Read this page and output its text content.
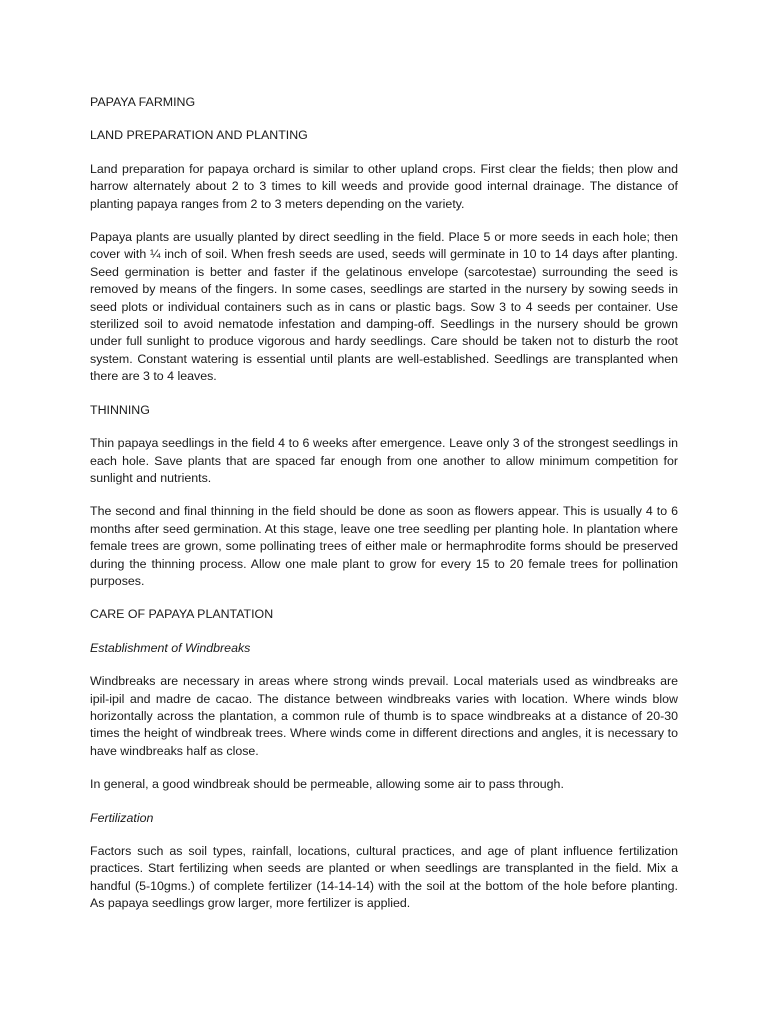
PAPAYA FARMING
LAND PREPARATION AND PLANTING

Land preparation for papaya orchard is similar to other upland crops. First clear the fields; then plow and harrow alternately about 2 to 3 times to kill weeds and provide good internal drainage. The distance of planting papaya ranges from 2 to 3 meters depending on the variety.

Papaya plants are usually planted by direct seedling in the field. Place 5 or more seeds in each hole; then cover with ¼ inch of soil. When fresh seeds are used, seeds will germinate in 10 to 14 days after planting. Seed germination is better and faster if the gelatinous envelope (sarcotestae) surrounding the seed is removed by means of the fingers. In some cases, seedlings are started in the nursery by sowing seeds in seed plots or individual containers such as in cans or plastic bags. Sow 3 to 4 seeds per container. Use sterilized soil to avoid nematode infestation and damping-off. Seedlings in the nursery should be grown under full sunlight to produce vigorous and hardy seedlings. Care should be taken not to disturb the root system. Constant watering is essential until plants are well-established. Seedlings are transplanted when there are 3 to 4 leaves.

THINNING

Thin papaya seedlings in the field 4 to 6 weeks after emergence. Leave only 3 of the strongest seedlings in each hole. Save plants that are spaced far enough from one another to allow minimum competition for sunlight and nutrients.

The second and final thinning in the field should be done as soon as flowers appear. This is usually 4 to 6 months after seed germination. At this stage, leave one tree seedling per planting hole. In plantation where female trees are grown, some pollinating trees of either male or hermaphrodite forms should be preserved during the thinning process. Allow one male plant to grow for every 15 to 20 female trees for pollination purposes.

CARE OF PAPAYA PLANTATION
Establishment of Windbreaks

Windbreaks are necessary in areas where strong winds prevail. Local materials used as windbreaks are ipil-ipil and madre de cacao. The distance between windbreaks varies with location. Where winds blow horizontally across the plantation, a common rule of thumb is to space windbreaks at a distance of 20-30 times the height of windbreak trees. Where winds come in different directions and angles, it is necessary to have windbreaks half as close.

In general, a good windbreak should be permeable, allowing some air to pass through.

Fertilization

Factors such as soil types, rainfall, locations, cultural practices, and age of plant influence fertilization practices. Start fertilizing when seeds are planted or when seedlings are transplanted in the field. Mix a handful (5-10gms.) of complete fertilizer (14-14-14) with the soil at the bottom of the hole before planting. As papaya seedlings grow larger, more fertilizer is applied.
